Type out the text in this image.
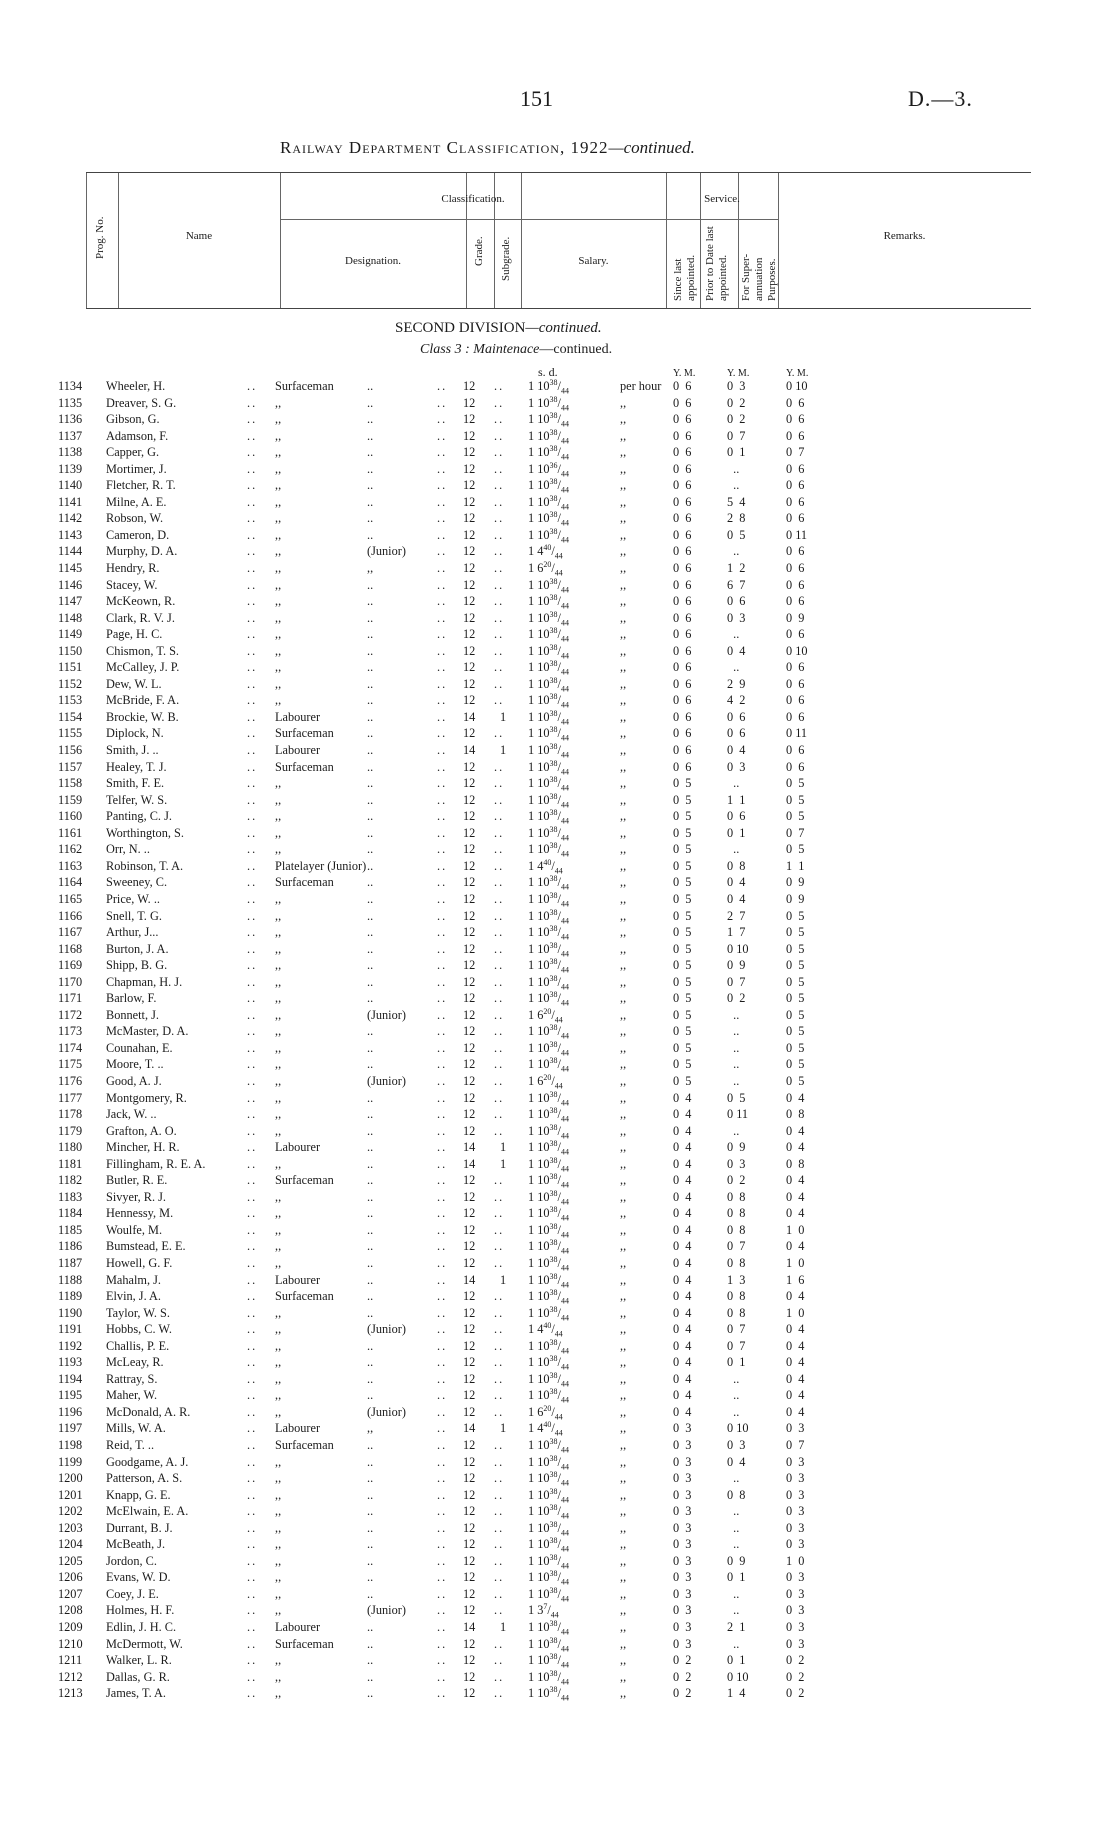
151	D.—3.
Railway Department Classification, 1922—continued.
Prog. No.	Name
Classification.
Designation.	Grade. Subgrade.	Salary.
Service.
Since last appointed. Prior to Date last appointed. For Super-annuation Purposes.
Remarks.
SECOND DIVISION—continued.
Class 3 : Maintenace—continued.
s. d.	Y. M.	Y. M.	Y. M.
1134 Wheeler, H.	.. Surfaceman	..	.. 12 .. 1 $10^{38}/_{44}$	per hour 0  6	0  3	0 10
1135 Dreaver, S. G.	.. ,,	..	.. 12 .. 1 $10^{38}/_{44}$	,,	0  6	0  2	0  6
1136 Gibson, G.	.. ,,	..	.. 12 .. 1 $10^{38}/_{44}$	,,	0  6	0  2	0  6
1137 Adamson, F.	.. ,,	..	.. 12 .. 1 $10^{38}/_{44}$	,,	0  6	0  7	0  6
1138 Capper, G.	.. ,,	..	.. 12 .. 1 $10^{38}/_{44}$	,,	0  6	0  1	0  7
1139 Mortimer, J.	.. ,,	..	.. 12 .. 1 $10^{36}/_{44}$	,,	0  6	..	0  6
1140 Fletcher, R. T.	.. ,,	..	.. 12 .. 1 $10^{38}/_{44}$	,,	0  6	..	0  6
1141 Milne, A. E.	.. ,,	..	.. 12 .. 1 $10^{38}/_{44}$	,,	0  6	5  4	0  6
1142 Robson, W.	.. ,,	..	.. 12 .. 1 $10^{38}/_{44}$	,,	0  6	2  8	0  6
1143 Cameron, D.	.. ,,	..	.. 12 .. 1 $10^{38}/_{44}$	,,	0  6	0  5	0 11
1144 Murphy, D. A.	.. ,,	(Junior)	.. 12 .. 1 $4^{40}/_{44}$	,,	0  6	..	0  6
1145 Hendry, R.	.. ,,	,,	.. 12 .. 1 $6^{20}/_{44}$	,,	0  6	1  2	0  6
1146 Stacey, W.	.. ,,	..	.. 12 .. 1 $10^{38}/_{44}$	,,	0  6	6  7	0  6
1147 McKeown, R.	.. ,,	..	.. 12 .. 1 $10^{38}/_{44}$	,,	0  6	0  6	0  6
1148 Clark, R. V. J.	.. ,,	..	.. 12 .. 1 $10^{38}/_{44}$	,,	0  6	0  3	0  9
1149 Page, H. C.	.. ,,	..	.. 12 .. 1 $10^{38}/_{44}$	,,	0  6	..	0  6
1150 Chismon, T. S.	.. ,,	..	.. 12 .. 1 $10^{38}/_{44}$	,,	0  6	0  4	0 10
1151 McCalley, J. P.	.. ,,	..	.. 12 .. 1 $10^{38}/_{44}$	,,	0  6	..	0  6
1152 Dew, W. L.	.. ,,	..	.. 12 .. 1 $10^{38}/_{44}$	,,	0  6	2  9	0  6
1153 McBride, F. A.	.. ,,	..	.. 12 .. 1 $10^{38}/_{44}$	,,	0  6	4  2	0  6
1154 Brockie, W. B.	.. Labourer	..	.. 14 1 1 $10^{38}/_{44}$	,,	0  6	0  6	0  6
1155 Diplock, N.	.. Surfaceman	..	.. 12 .. 1 $10^{38}/_{44}$	,,	0  6	0  6	0 11
1156 Smith, J. ..	.. Labourer	..	.. 14 1 1 $10^{38}/_{44}$	,,	0  6	0  4	0  6
1157 Healey, T. J.	.. Surfaceman	..	.. 12 .. 1 $10^{38}/_{44}$	,,	0  6	0  3	0  6
1158 Smith, F. E.	.. ,,	..	.. 12 .. 1 $10^{38}/_{44}$	,,	0  5	..	0  5
1159 Telfer, W. S.	.. ,,	..	.. 12 .. 1 $10^{38}/_{44}$	,,	0  5	1  1	0  5
1160 Panting, C. J.	.. ,,	..	.. 12 .. 1 $10^{38}/_{44}$	,,	0  5	0  6	0  5
1161 Worthington, S.	.. ,,	..	.. 12 .. 1 $10^{38}/_{44}$	,,	0  5	0  1	0  7
1162 Orr, N. ..	.. ,,	..	.. 12 .. 1 $10^{38}/_{44}$	,,	0  5	..	0  5
1163 Robinson, T. A.	.. Platelayer (Junior) ..	.. 12 .. 1 $4^{40}/_{44}$	,,	0  5	0  8	1  1
1164 Sweeney, C.	.. Surfaceman	..	.. 12 .. 1 $10^{38}/_{44}$	,,	0  5	0  4	0  9
1165 Price, W. ..	.. ,,	..	.. 12 .. 1 $10^{38}/_{44}$	,,	0  5	0  4	0  9
1166 Snell, T. G.	.. ,,	..	.. 12 .. 1 $10^{38}/_{44}$	,,	0  5	2  7	0  5
1167 Arthur, J...	.. ,,	..	.. 12 .. 1 $10^{38}/_{44}$	,,	0  5	1  7	0  5
1168 Burton, J. A.	.. ,,	..	.. 12 .. 1 $10^{38}/_{44}$	,,	0  5	0 10	0  5
1169 Shipp, B. G.	.. ,,	..	.. 12 .. 1 $10^{38}/_{44}$	,,	0  5	0  9	0  5
1170 Chapman, H. J.	.. ,,	..	.. 12 .. 1 $10^{38}/_{44}$	,,	0  5	0  7	0  5
1171 Barlow, F.	.. ,,	..	.. 12 .. 1 $10^{38}/_{44}$	,,	0  5	0  2	0  5
1172 Bonnett, J.	.. ,,	(Junior)	.. 12 .. 1 $6^{20}/_{44}$	,,	0  5	..	0  5
1173 McMaster, D. A.	.. ,,	..	.. 12 .. 1 $10^{38}/_{44}$	,,	0  5	..	0  5
1174 Counahan, E.	.. ,,	..	.. 12 .. 1 $10^{38}/_{44}$	,,	0  5	..	0  5
1175 Moore, T. ..	.. ,,	..	.. 12 .. 1 $10^{38}/_{44}$	,,	0  5	..	0  5
1176 Good, A. J.	.. ,,	(Junior)	.. 12 .. 1 $6^{20}/_{44}$	,,	0  5	..	0  5
1177 Montgomery, R.	.. ,,	..	.. 12 .. 1 $10^{38}/_{44}$	,,	0  4	0  5	0  4
1178 Jack, W. ..	.. ,,	..	.. 12 .. 1 $10^{38}/_{44}$	,,	0  4	0 11	0  8
1179 Grafton, A. O.	.. ,,	..	.. 12 .. 1 $10^{38}/_{44}$	,,	0  4	..	0  4
1180 Mincher, H. R.	.. Labourer	..	.. 14 1 1 $10^{38}/_{44}$	,,	0  4	0  9	0  4
1181 Fillingham, R. E. A.	.. ,,	..	.. 14 1 1 $10^{38}/_{44}$	,,	0  4	0  3	0  8
1182 Butler, R. E.	.. Surfaceman	..	.. 12 .. 1 $10^{38}/_{44}$	,,	0  4	0  2	0  4
1183 Sivyer, R. J.	.. ,,	..	.. 12 .. 1 $10^{38}/_{44}$	,,	0  4	0  8	0  4
1184 Hennessy, M.	.. ,,	..	.. 12 .. 1 $10^{38}/_{44}$	,,	0  4	0  8	0  4
1185 Woulfe, M.	.. ,,	..	.. 12 .. 1 $10^{38}/_{44}$	,,	0  4	0  8	1  0
1186 Bumstead, E. E.	.. ,,	..	.. 12 .. 1 $10^{38}/_{44}$	,,	0  4	0  7	0  4
1187 Howell, G. F.	.. ,,	..	.. 12 .. 1 $10^{38}/_{44}$	,,	0  4	0  8	1  0
1188 Mahalm, J.	.. Labourer	..	.. 14 1 1 $10^{38}/_{44}$	,,	0  4	1  3	1  6
1189 Elvin, J. A.	.. Surfaceman	..	.. 12 .. 1 $10^{38}/_{44}$	,,	0  4	0  8	0  4
1190 Taylor, W. S.	.. ,,	..	.. 12 .. 1 $10^{38}/_{44}$	,,	0  4	0  8	1  0
1191 Hobbs, C. W.	.. ,,	(Junior)	.. 12 .. 1 $4^{40}/_{44}$	,,	0  4	0  7	0  4
1192 Challis, P. E.	.. ,,	..	.. 12 .. 1 $10^{38}/_{44}$	,,	0  4	0  7	0  4
1193 McLeay, R.	.. ,,	..	.. 12 .. 1 $10^{38}/_{44}$	,,	0  4	0  1	0  4
1194 Rattray, S.	.. ,,	..	.. 12 .. 1 $10^{38}/_{44}$	,,	0  4	..	0  4
1195 Maher, W.	.. ,,	..	.. 12 .. 1 $10^{38}/_{44}$	,,	0  4	..	0  4
1196 McDonald, A. R.	.. ,,	(Junior)	.. 12 .. 1 $6^{20}/_{44}$	,,	0  4	..	0  4
1197 Mills, W. A.	.. Labourer	,,	.. 14 1 1 $4^{40}/_{44}$	,,	0  3	0 10	0  3
1198 Reid, T. ..	.. Surfaceman	..	.. 12 .. 1 $10^{38}/_{44}$	,,	0  3	0  3	0  7
1199 Goodgame, A. J.	.. ,,	..	.. 12 .. 1 $10^{38}/_{44}$	,,	0  3	0  4	0  3
1200 Patterson, A. S.	.. ,,	..	.. 12 .. 1 $10^{38}/_{44}$	,,	0  3	..	0  3
1201 Knapp, G. E.	.. ,,	..	.. 12 .. 1 $10^{38}/_{44}$	,,	0  3	0  8	0  3
1202 McElwain, E. A.	.. ,,	..	.. 12 .. 1 $10^{38}/_{44}$	,,	0  3	..	0  3
1203 Durrant, B. J.	.. ,,	..	.. 12 .. 1 $10^{38}/_{44}$	,,	0  3	..	0  3
1204 McBeath, J.	.. ,,	..	.. 12 .. 1 $10^{38}/_{44}$	,,	0  3	..	0  3
1205 Jordon, C.	.. ,,	..	.. 12 .. 1 $10^{38}/_{44}$	,,	0  3	0  9	1  0
1206 Evans, W. D.	.. ,,	..	.. 12 .. 1 $10^{38}/_{44}$	,,	0  3	0  1	0  3
1207 Coey, J. E.	.. ,,	..	.. 12 .. 1 $10^{38}/_{44}$	,,	0  3	..	0  3
1208 Holmes, H. F.	.. ,,	(Junior)	.. 12 .. 1 $3^7/_{44}$	,,	0  3	..	0  3
1209 Edlin, J. H. C.	.. Labourer	..	.. 14 1 1 $10^{38}/_{44}$	,,	0  3	2  1	0  3
1210 McDermott, W.	.. Surfaceman	..	.. 12 .. 1 $10^{38}/_{44}$	,,	0  3	..	0  3
1211 Walker, L. R.	.. ,,	..	.. 12 .. 1 $10^{38}/_{44}$	,,	0  2	0  1	0  2
1212 Dallas, G. R.	.. ,,	..	.. 12 .. 1 $10^{38}/_{44}$	,,	0  2	0 10	0  2
1213 James, T. A.	.. ,,	..	.. 12 .. 1 $10^{38}/_{44}$	,,	0  2	1  4	0  2
